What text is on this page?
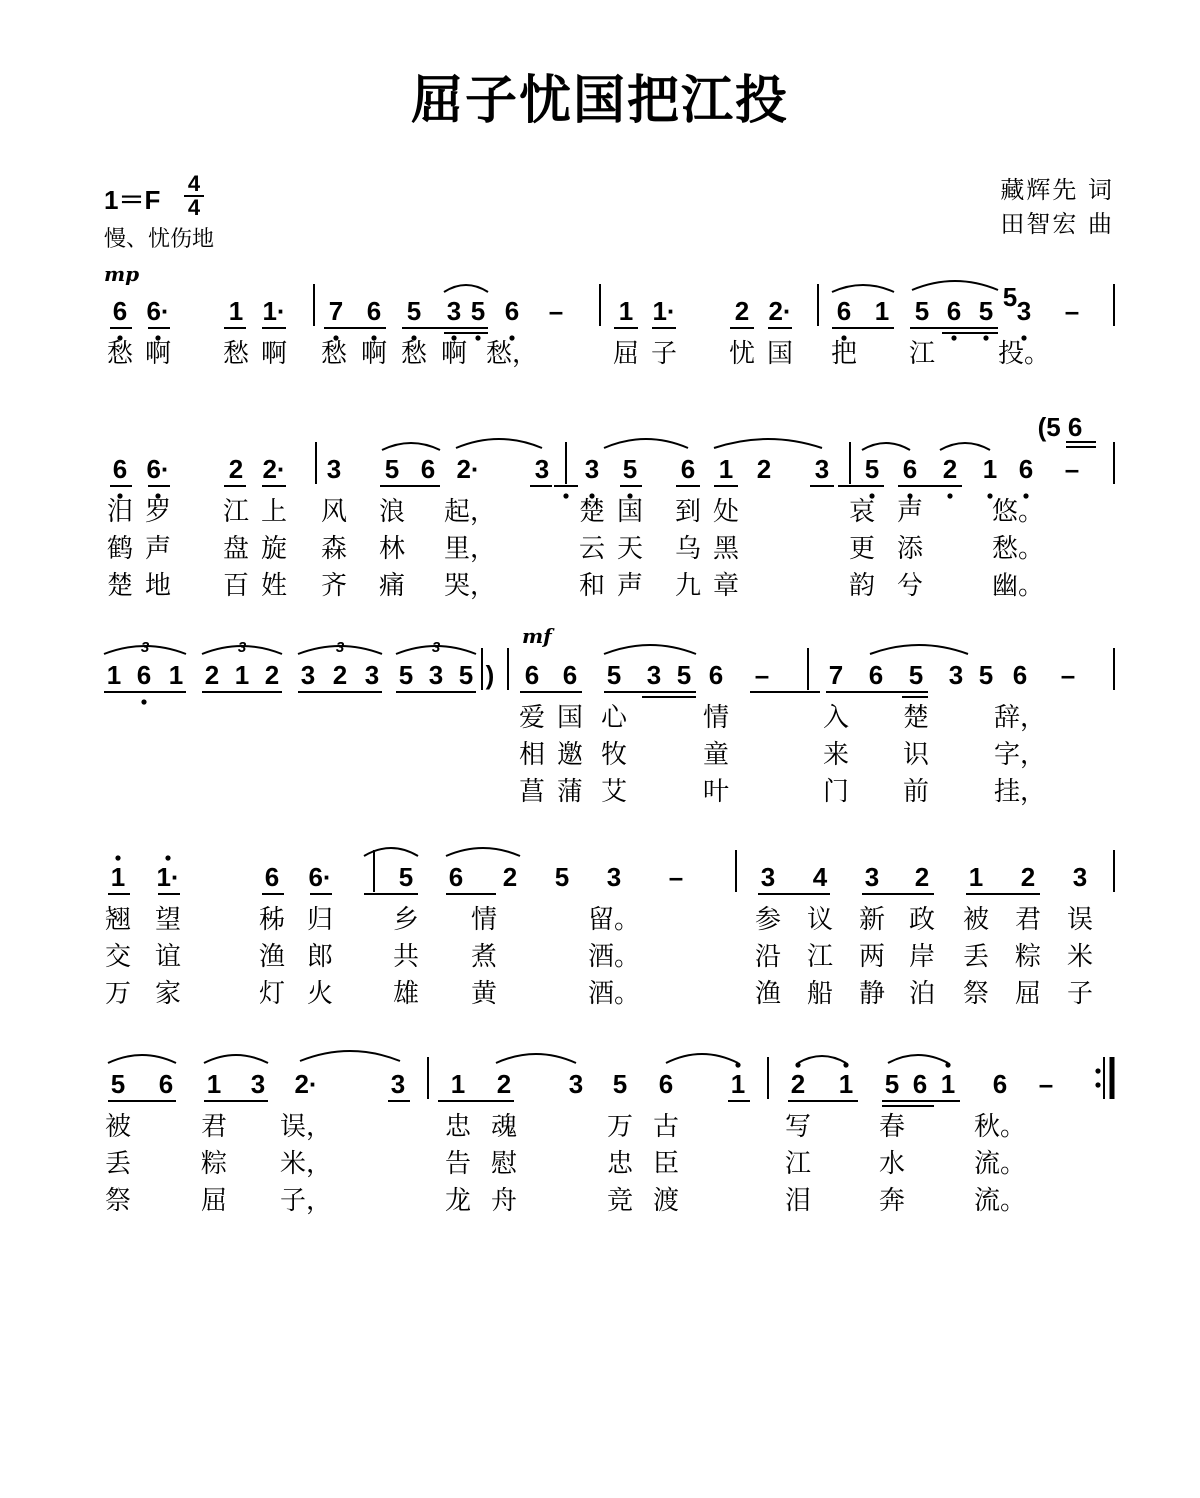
屈子忧国把江投
1＝F
4
4
慢、忧伤地
藏辉先 词
田智宏 曲
mp
mf
6 6· 1 1· 7 6 5 3 5 6 – 1 1· 2 2· 6 1 5 6 5 3 –
5
愁 啊 愁 啊 愁 啊 愁 啊 愁，	屈 子 忧 国 把 江 投。
6 6· 2 2· 3 5 6 2· 3 3 5 6 1 2 3 5 6 2 1 6 –
(5 6
汨 罗 江 上 风 浪 起，	楚 国 到 处	哀 声	悠。
鹤 声 盘 旋 森 林 里，	云 天 乌 黑	更 添	愁。
楚 地 百 姓 齐 痛 哭，	和 声 九 章	韵 兮	幽。
1 6 1 2 1 2 3 2 3 5 3 5 ) 6 6 5 3 5 6 – 7 6 5 3 5 6 –
3	3	3	3
爱 国 心	情	入 楚 辞，
相 邀 牧	童	来 识 字，
菖 蒲 艾	叶	门 前 挂，
1 1·	6 6·	5 6 2 5 3 –	3 4 3 2 1 2 3
翘 望	秭 归 乡 情	留。	参 议 新 政 被 君 误
交 谊	渔 郎 共 煮	酒。	沿 江 两 岸 丢 粽 米
万 家	灯 火 雄 黄	酒。	渔 船 静 泊 祭 屈 子
5 6 1 3 2·	3 1 2 3 5 6 1 2 1 5 6 1 6 –
被	君 误，	忠 魂	万 古	写	春	秋。
丢	粽 米，	告 慰	忠 臣	江	水	流。
祭	屈 子，	龙 舟	竞 渡	泪	奔	流。
